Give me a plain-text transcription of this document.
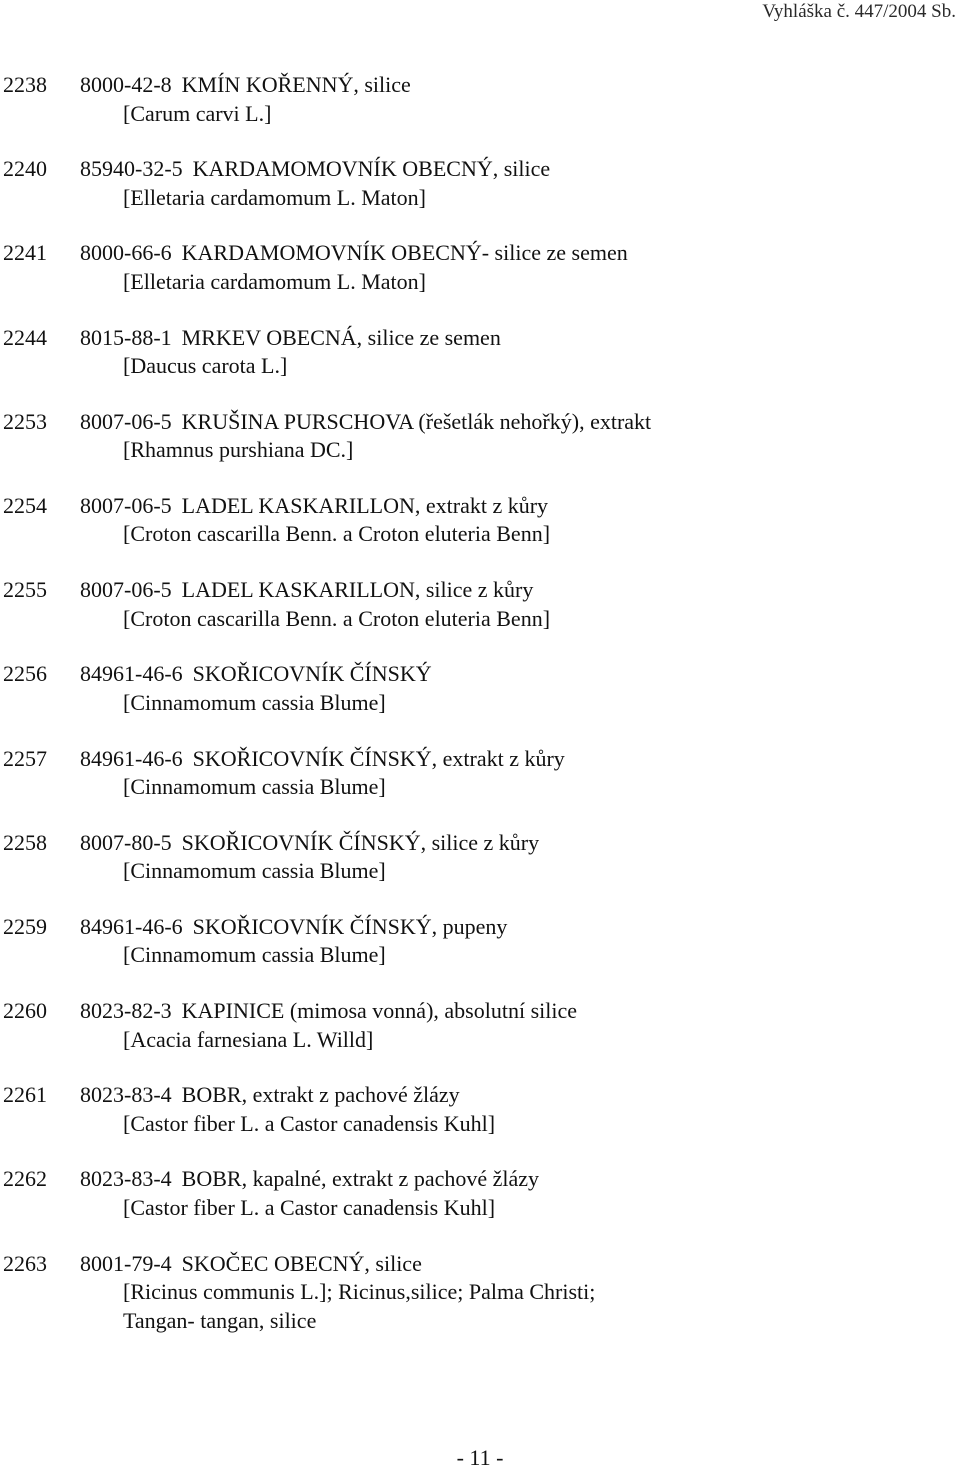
Vyhláška č. 447/2004 Sb.
2238	8000-42-8 KMÍN KOŘENNÝ, silice
[Carum carvi L.]
2240	85940-32-5 KARDAMOMOVNÍK OBECNÝ, silice
[Elletaria cardamomum L. Maton]
2241	8000-66-6 KARDAMOMOVNÍK OBECNÝ- silice ze semen
[Elletaria cardamomum L. Maton]
2244	8015-88-1 MRKEV OBECNÁ, silice ze semen
[Daucus carota L.]
2253	8007-06-5 KRUŠINA PURSCHOVA (řešetlák nehořký), extrakt
[Rhamnus purshiana DC.]
2254	8007-06-5 LADEL KASKARILLON, extrakt z kůry
[Croton cascarilla Benn. a Croton eluteria Benn]
2255	8007-06-5 LADEL KASKARILLON, silice z kůry
[Croton cascarilla Benn. a Croton eluteria Benn]
2256	84961-46-6 SKOŘICOVNÍK ČÍNSKÝ
[Cinnamomum cassia Blume]
2257	84961-46-6 SKOŘICOVNÍK ČÍNSKÝ, extrakt z kůry
[Cinnamomum cassia Blume]
2258	8007-80-5 SKOŘICOVNÍK ČÍNSKÝ, silice z kůry
[Cinnamomum cassia Blume]
2259	84961-46-6 SKOŘICOVNÍK ČÍNSKÝ, pupeny
[Cinnamomum cassia Blume]
2260	8023-82-3 KAPINICE (mimosa vonná), absolutní silice
[Acacia farnesiana L. Willd]
2261	8023-83-4 BOBR, extrakt z pachové žlázy
[Castor fiber L. a Castor canadensis Kuhl]
2262	8023-83-4 BOBR, kapalné, extrakt z pachové žlázy
[Castor fiber L. a Castor canadensis Kuhl]
2263	8001-79-4 SKOČEC OBECNÝ, silice
[Ricinus communis L.]; Ricinus,silice; Palma Christi;
Tangan- tangan, silice
- 11 -
